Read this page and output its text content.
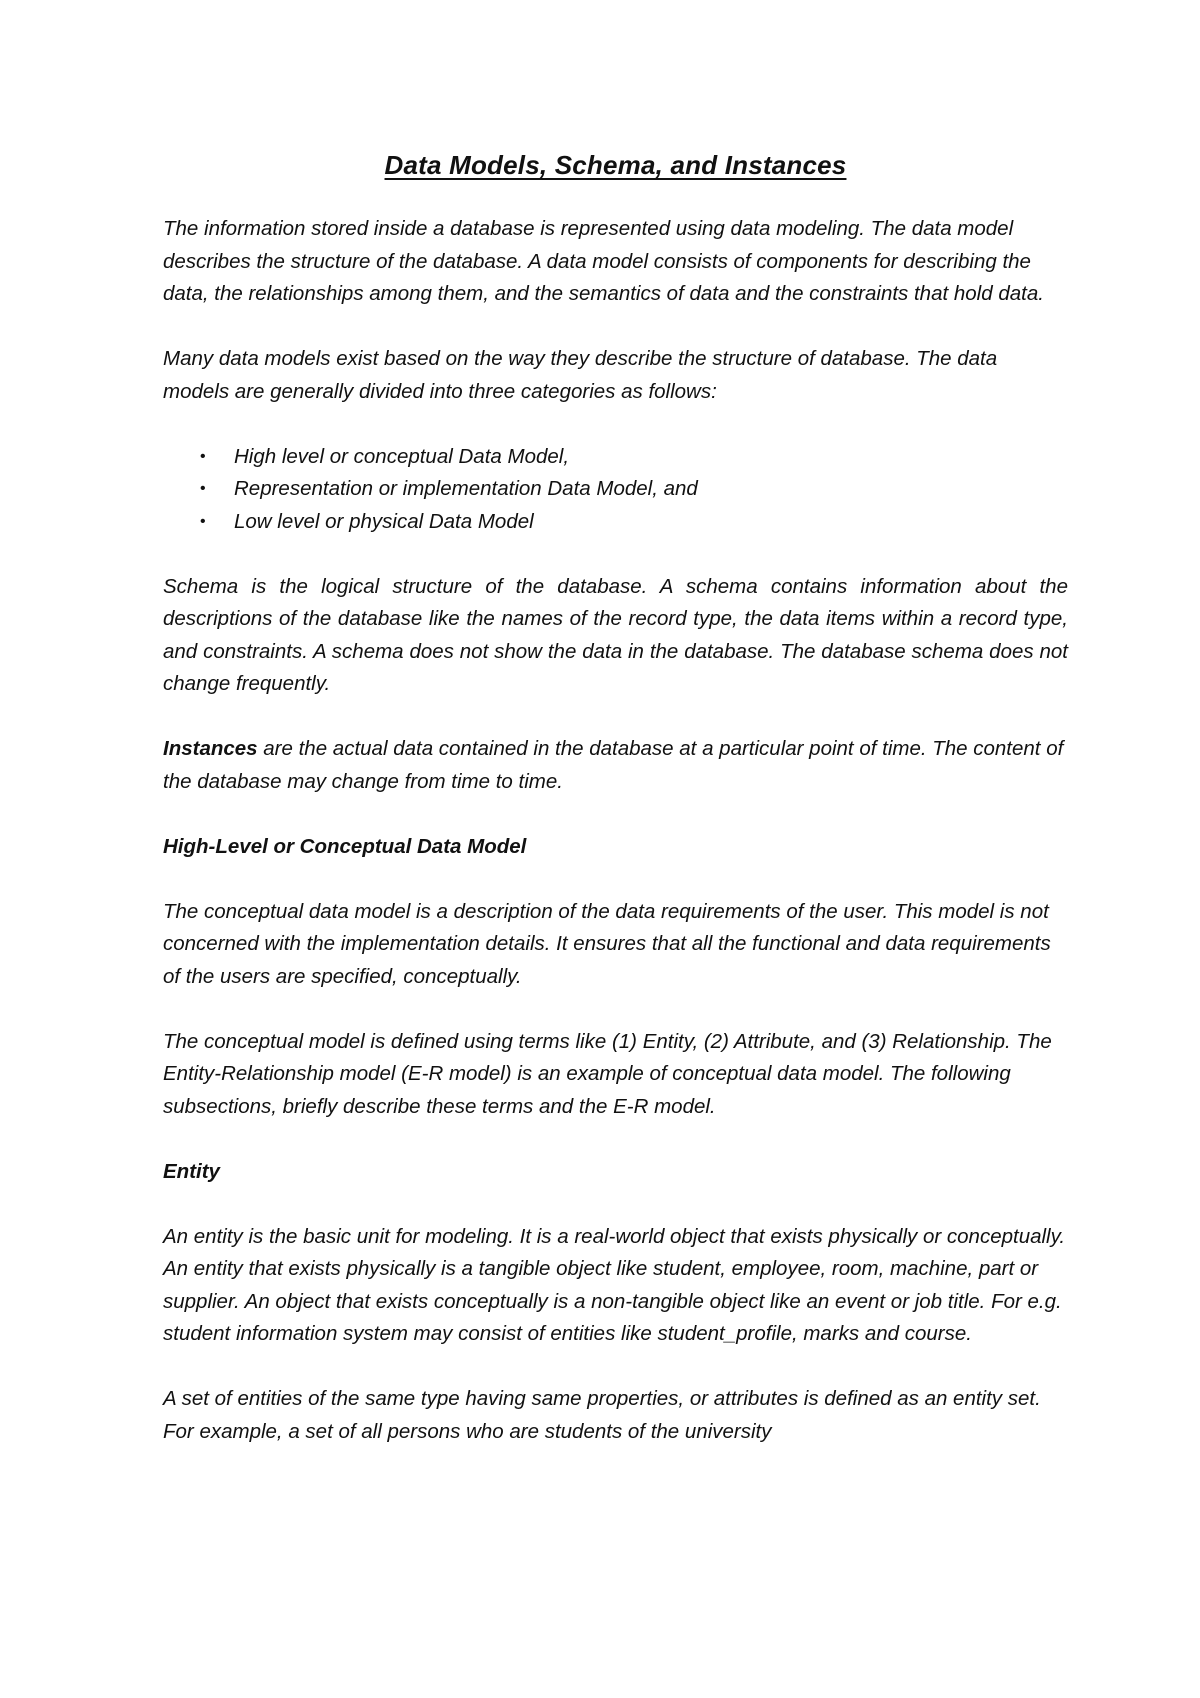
Data Models, Schema, and Instances

The information stored inside a database is represented using data modeling. The data model describes the structure of the database. A data model consists of components for describing the data, the relationships among them, and the semantics of data and the constraints that hold data.

Many data models exist based on the way they describe the structure of database. The data models are generally divided into three categories as follows:

• High level or conceptual Data Model,
• Representation or implementation Data Model, and
• Low level or physical Data Model

Schema is the logical structure of the database. A schema contains information about the descriptions of the database like the names of the record type, the data items within a record type, and constraints. A schema does not show the data in the database. The database schema does not change frequently.

Instances are the actual data contained in the database at a particular point of time. The content of the database may change from time to time.

High-Level or Conceptual Data Model

The conceptual data model is a description of the data requirements of the user. This model is not concerned with the implementation details. It ensures that all the functional and data requirements of the users are specified, conceptually.

The conceptual model is defined using terms like (1) Entity, (2) Attribute, and (3) Relationship. The Entity-Relationship model (E-R model) is an example of conceptual data model. The following subsections, briefly describe these terms and the E-R model.

Entity

An entity is the basic unit for modeling. It is a real-world object that exists physically or conceptually. An entity that exists physically is a tangible object like student, employee, room, machine, part or supplier. An object that exists conceptually is a non-tangible object like an event or job title. For e.g. student information system may consist of entities like student_profile, marks and course.

A set of entities of the same type having same properties, or attributes is defined as an entity set. For example, a set of all persons who are students of the university
